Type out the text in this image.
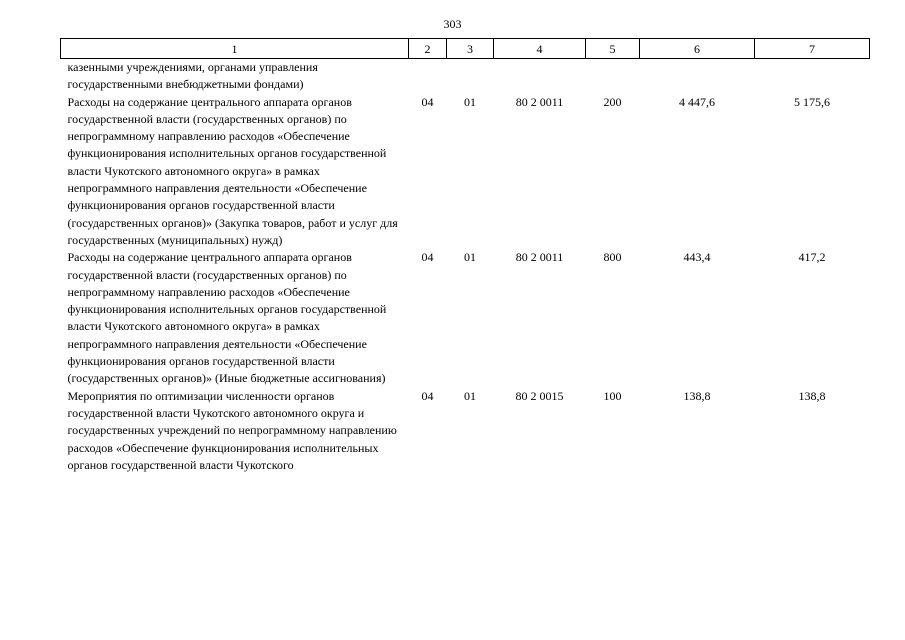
303
1	2	3	4	5	6	7
казенными учреждениями, органами управления государственными внебюджетными фондами)						
Расходы на содержание центрального аппарата органов государственной власти (государственных органов) по непрограммному направлению расходов «Обеспечение функционирования исполнительных органов государственной власти Чукотского автономного округа» в рамках непрограммного направления деятельности «Обеспечение функционирования органов государственной власти (государственных органов)» (Закупка товаров, работ и услуг для государственных (муниципальных) нужд)	04	01	80 2 0011	200	4 447,6	5 175,6
Расходы на содержание центрального аппарата органов государственной власти (государственных органов) по непрограммному направлению расходов «Обеспечение функционирования исполнительных органов государственной власти Чукотского автономного округа» в рамках непрограммного направления деятельности «Обеспечение функционирования органов государственной власти (государственных органов)» (Иные бюджетные ассигнования)	04	01	80 2 0011	800	443,4	417,2
Мероприятия по оптимизации численности органов государственной власти Чукотского автономного округа и государственных учреждений по непрограммному направлению расходов «Обеспечение функционирования исполнительных органов государственной власти Чукотского	04	01	80 2 0015	100	138,8	138,8
